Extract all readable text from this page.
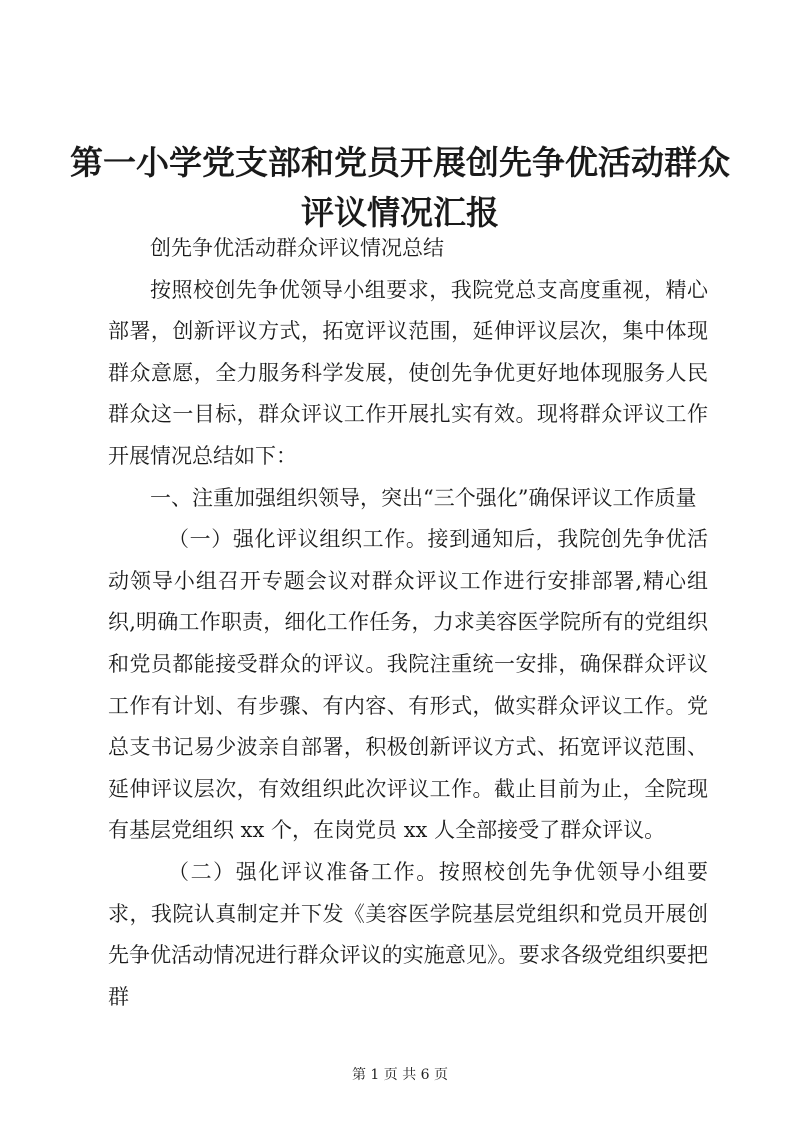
第一小学党支部和党员开展创先争优活动群众
评议情况汇报

创先争优活动群众评议情况总结

按照校创先争优领导小组要求，我院党总支高度重视，精心部署，创新评议方式，拓宽评议范围，延伸评议层次，集中体现群众意愿，全力服务科学发展，使创先争优更好地体现服务人民群众这一目标，群众评议工作开展扎实有效。现将群众评议工作开展情况总结如下：

一、注重加强组织领导，突出“三个强化”确保评议工作质量

（一）强化评议组织工作。接到通知后，我院创先争优活动领导小组召开专题会议对群众评议工作进行安排部署,精心组织,明确工作职责，细化工作任务，力求美容医学院所有的党组织和党员都能接受群众的评议。我院注重统一安排，确保群众评议工作有计划、有步骤、有内容、有形式，做实群众评议工作。党总支书记易少波亲自部署，积极创新评议方式、拓宽评议范围、延伸评议层次，有效组织此次评议工作。截止目前为止，全院现有基层党组织 xx 个，在岗党员 xx 人全部接受了群众评议。

（二）强化评议准备工作。按照校创先争优领导小组要求，我院认真制定并下发《美容医学院基层党组织和党员开展创先争优活动情况进行群众评议的实施意见》。要求各级党组织要把群

第 1 页 共 6 页
